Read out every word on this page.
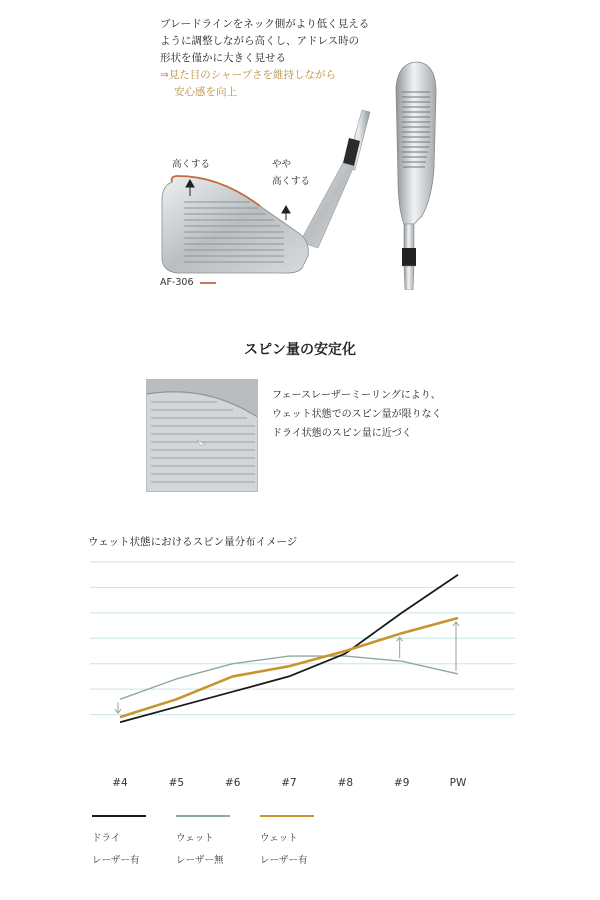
ブレードラインをネック側がより低く見える
ように調整しながら高くし、アドレス時の
形状を僅かに大きく見せる
⇒見た目のシャープさを維持しながら
安心感を向上
高くする	やや
高くする
AF-306
スピン量の安定化
フェースレーザーミーリングにより、
ウェット状態でのスピン量が限りなく
ドライ状態のスピン量に近づく
ウェット状態におけるスピン量分布イメージ
#4	#5	#6	#7	#8	#9	PW
ドライ
レーザー有
ウェット
レーザー無
ウェット
レーザー有
